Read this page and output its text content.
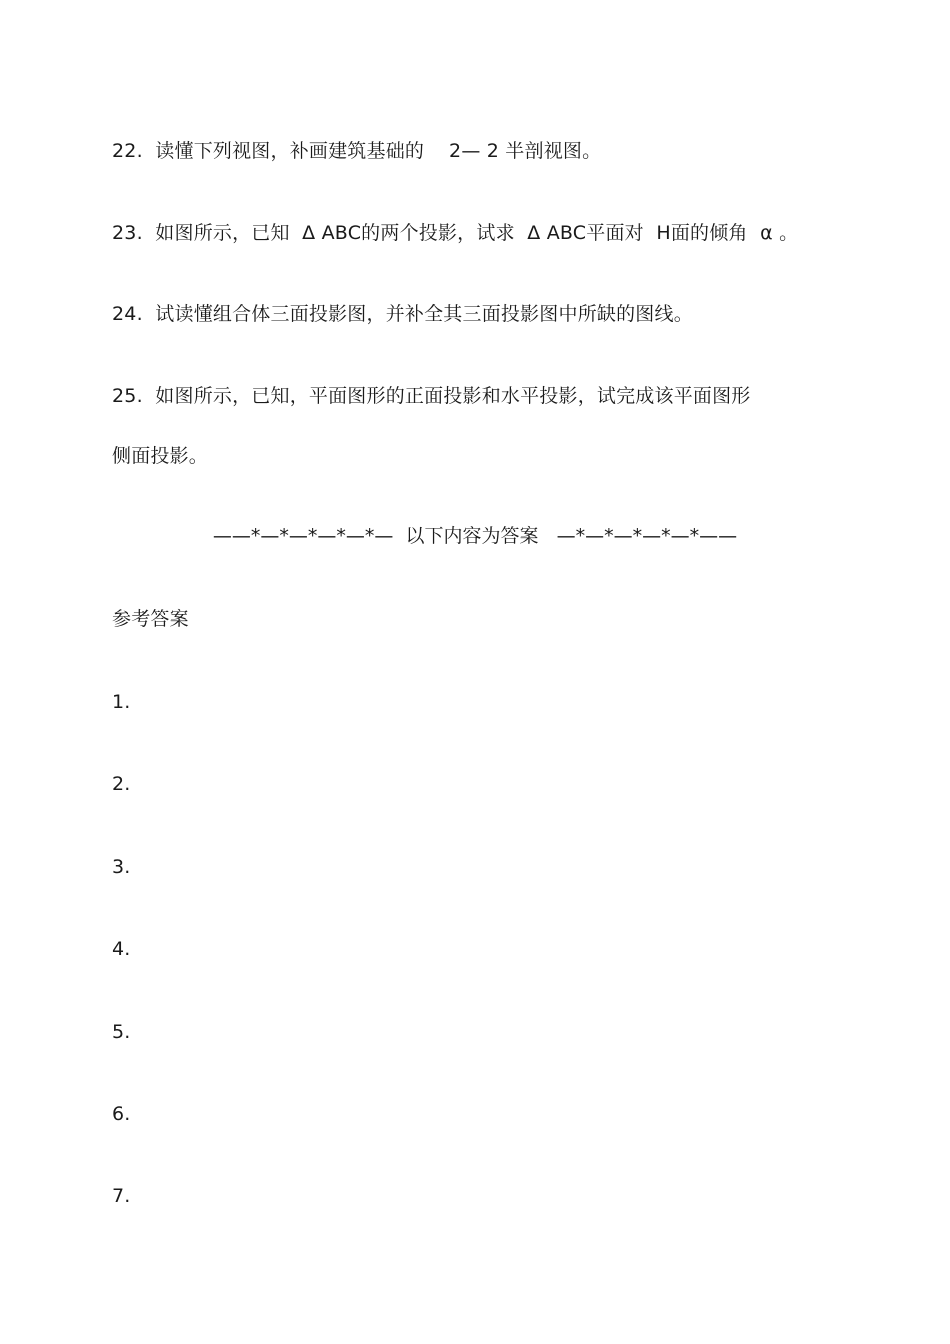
22.  读懂下列视图，补画建筑基础的    2— 2 半剖视图。
23.  如图所示，已知  Δ ABC的两个投影，试求  Δ ABC平面对  H面的倾角  α 。
24.  试读懂组合体三面投影图，并补全其三面投影图中所缺的图线。
25.  如图所示，已知，平面图形的正面投影和水平投影，试完成该平面图形
侧面投影。
——*—*—*—*—*—  以下内容为答案   —*—*—*—*—*——
参考答案
1.
2.
3.
4.
5.
6.
7.
